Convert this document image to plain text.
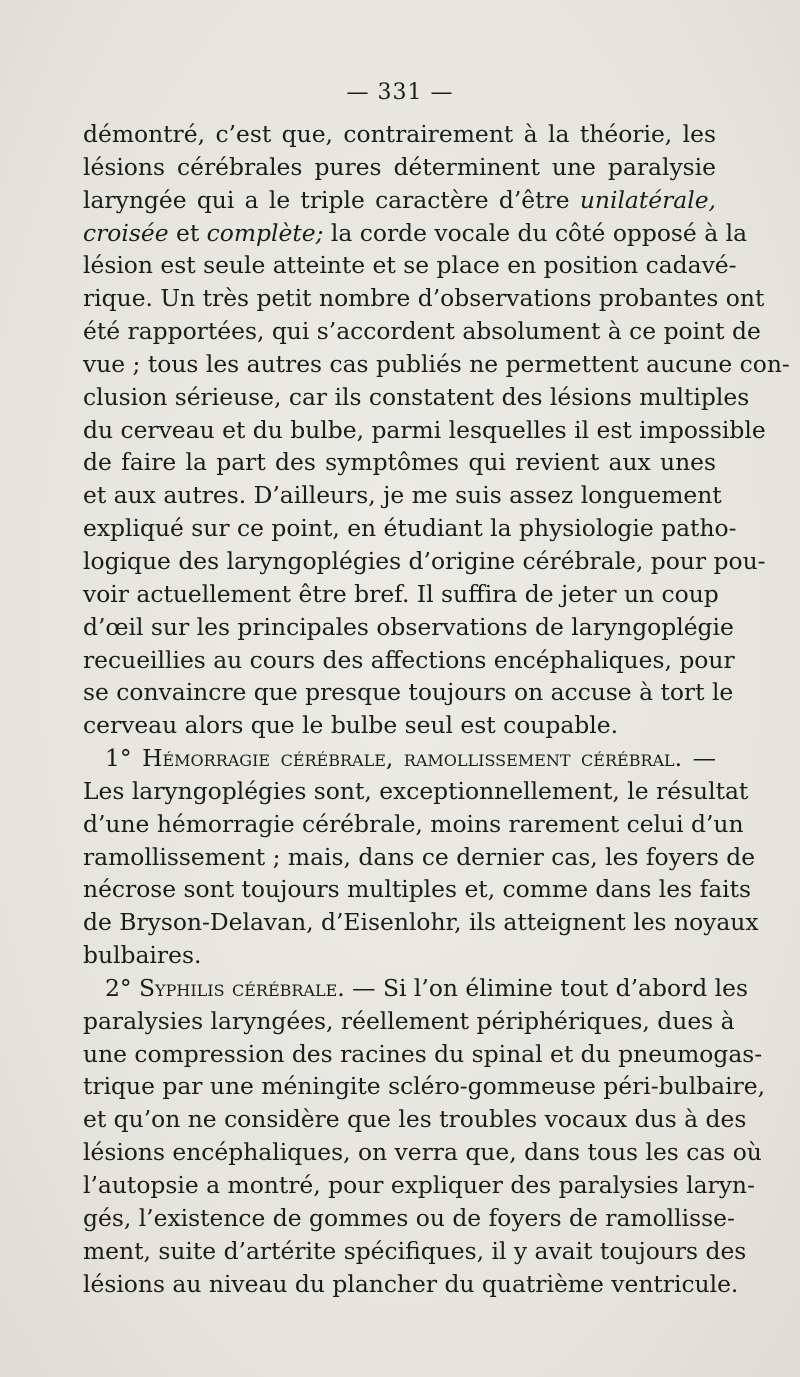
— 331 —
démontré, c’est que, contrairement à la théorie, les
lésions cérébrales pures déterminent une paralysie
laryngée qui a le triple caractère d’être unilatérale,
croisée et complète; la corde vocale du côté opposé à la
lésion est seule atteinte et se place en position cadavé-
rique. Un très petit nombre d’observations probantes ont
été rapportées, qui s’accordent absolument à ce point de
vue ; tous les autres cas publiés ne permettent aucune con-
clusion sérieuse, car ils constatent des lésions multiples
du cerveau et du bulbe, parmi lesquelles il est impossible
de faire la part des symptômes qui revient aux unes
et aux autres. D’ailleurs, je me suis assez longuement
expliqué sur ce point, en étudiant la physiologie patho-
logique des laryngoplégies d’origine cérébrale, pour pou-
voir actuellement être bref. Il suffira de jeter un coup
d’œil sur les principales observations de laryngoplégie
recueillies au cours des affections encéphaliques, pour
se convaincre que presque toujours on accuse à tort le
cerveau alors que le bulbe seul est coupable.
1° Hémorragie cérébrale, ramollissement cérébral. —
Les laryngoplégies sont, exceptionnellement, le résultat
d’une hémorragie cérébrale, moins rarement celui d’un
ramollissement ; mais, dans ce dernier cas, les foyers de
nécrose sont toujours multiples et, comme dans les faits
de Bryson-Delavan, d’Eisenlohr, ils atteignent les noyaux
bulbaires.
2° Syphilis cérébrale. — Si l’on élimine tout d’abord les
paralysies laryngées, réellement périphériques, dues à
une compression des racines du spinal et du pneumogas-
trique par une méningite scléro-gommeuse péri-bulbaire,
et qu’on ne considère que les troubles vocaux dus à des
lésions encéphaliques, on verra que, dans tous les cas où
l’autopsie a montré, pour expliquer des paralysies laryn-
gés, l’existence de gommes ou de foyers de ramollisse-
ment, suite d’artérite spécifiques, il y avait toujours des
lésions au niveau du plancher du quatrième ventricule.
